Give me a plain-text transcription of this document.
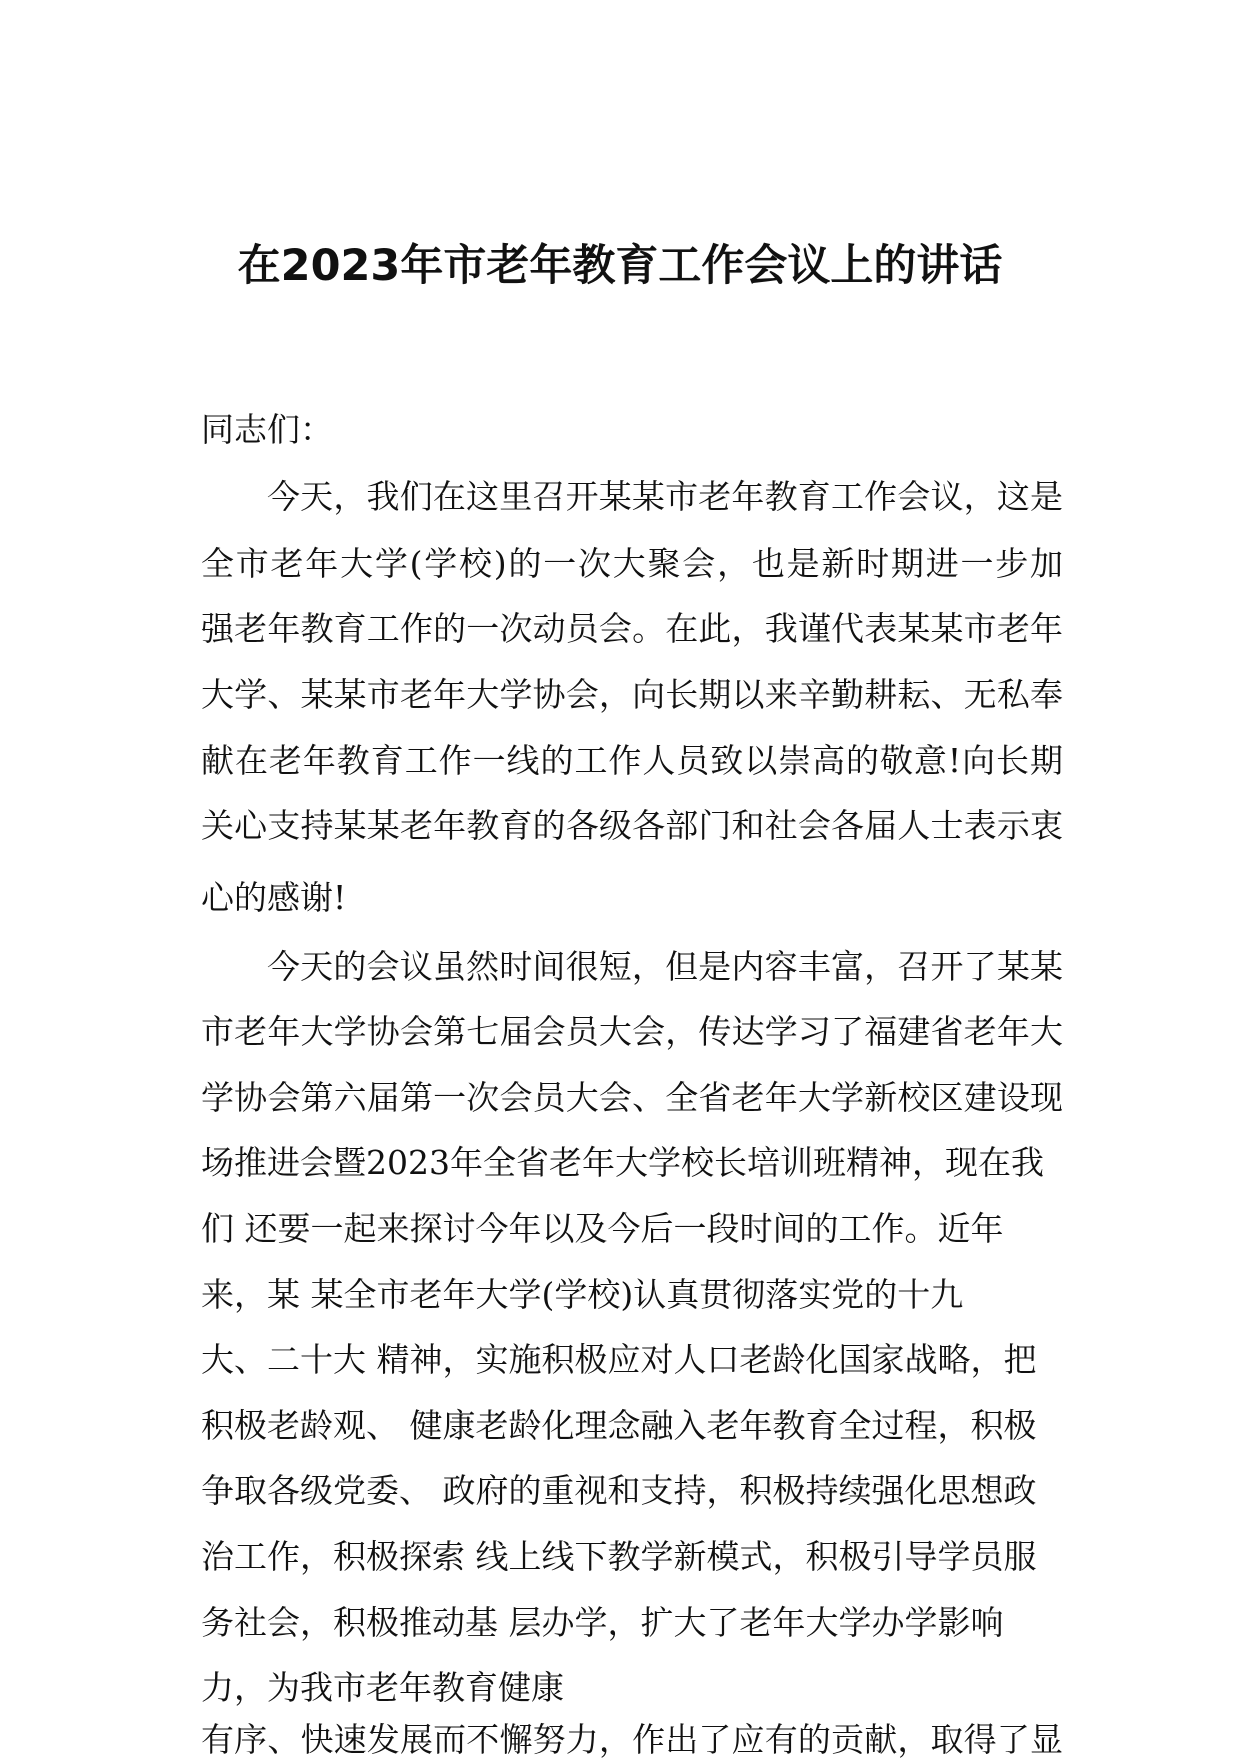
在2023年市老年教育工作会议上的讲话

同志们：

今天，我们在这里召开某某市老年教育工作会议，这是

全市老年大学(学校)的一次大聚会，也是新时期进一步加

强老年教育工作的一次动员会。在此，我谨代表某某市老年

大学、某某市老年大学协会，向长期以来辛勤耕耘、无私奉

献在老年教育工作一线的工作人员致以崇高的敬意!向长期

关心支持某某老年教育的各级各部门和社会各届人士表示衷

心的感谢!

今天的会议虽然时间很短，但是内容丰富，召开了某某

市老年大学协会第七届会员大会，传达学习了福建省老年大

学协会第六届第一次会员大会、全省老年大学新校区建设现

场推进会暨2023年全省老年大学校长培训班精神，现在我

们 还要一起来探讨今年以及今后一段时间的工作。近年

来，某 某全市老年大学(学校)认真贯彻落实党的十九

大、二十大 精神，实施积极应对人口老龄化国家战略，把

积极老龄观、 健康老龄化理念融入老年教育全过程，积极

争取各级党委、 政府的重视和支持，积极持续强化思想政

治工作，积极探索 线上线下教学新模式，积极引导学员服

务社会，积极推动基 层办学，扩大了老年大学办学影响

力，为我市老年教育健康

有序、快速发展而不懈努力，作出了应有的贡献，取得了显
